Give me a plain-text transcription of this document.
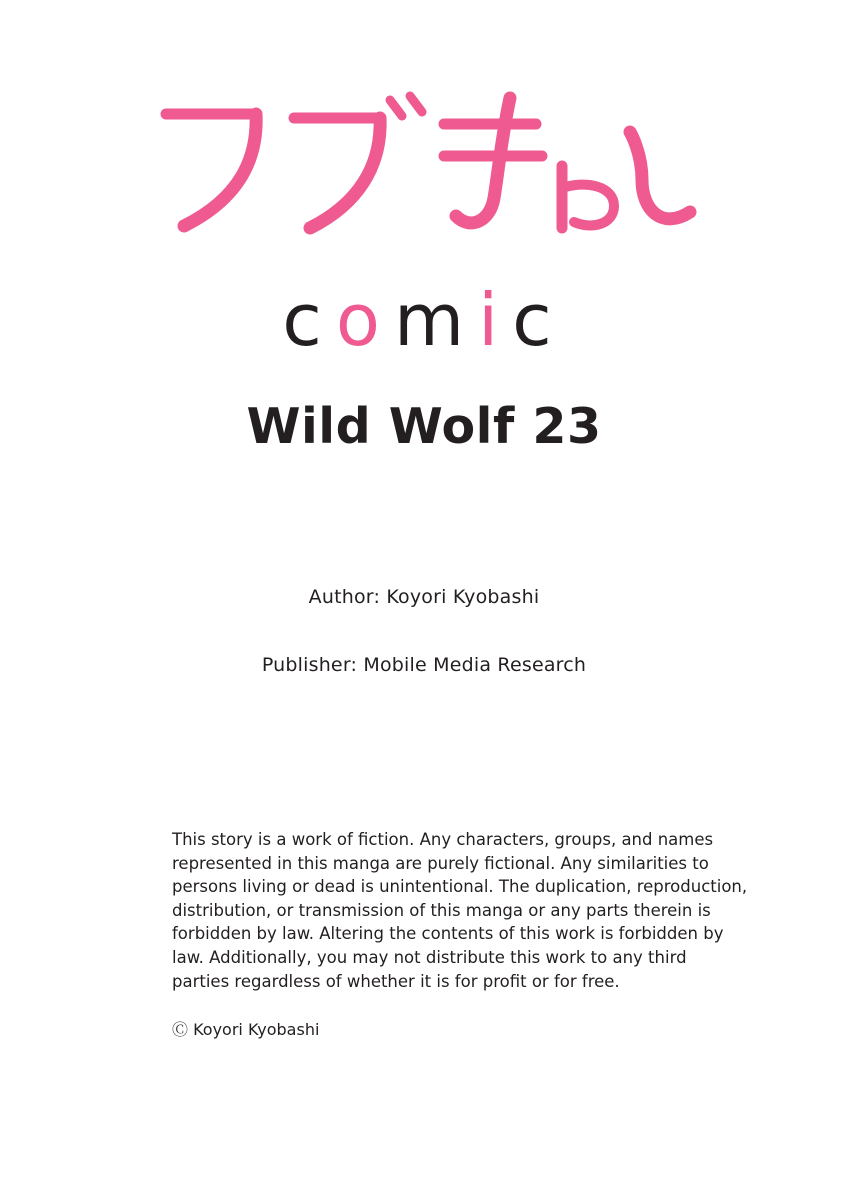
comic
Wild Wolf 23
Author: Koyori Kyobashi
Publisher: Mobile Media Research
This story is a work of fiction. Any characters, groups, and names represented in this manga are purely fictional. Any similarities to persons living or dead is unintentional. The duplication, reproduction, distribution, or transmission of this manga or any parts therein is forbidden by law. Altering the contents of this work is forbidden by law. Additionally, you may not distribute this work to any third parties regardless of whether it is for profit or for free.
Ⓒ Koyori Kyobashi
